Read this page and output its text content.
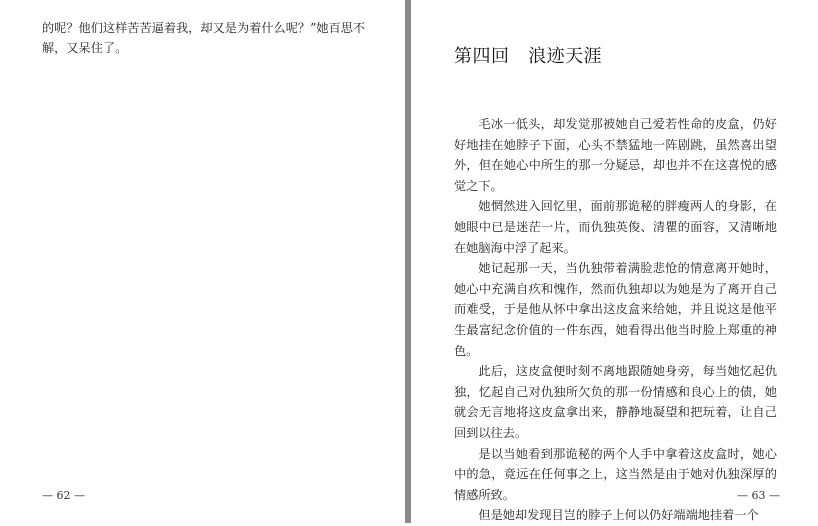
的呢？他们这样苦苦逼着我，却又是为着什么呢？”她百思不解，又呆住了。

— 62 —

第四回   浪迹天涯

毛冰一低头，却发觉那被她自己爱若性命的皮盒，仍好好地挂在她脖子下面，心头不禁猛地一阵剧跳，虽然喜出望外，但在她心中所生的那一分疑忌，却也并不在这喜悦的感觉之下。

她惘然进入回忆里，面前那诡秘的胖瘦两人的身影，在她眼中已是迷茫一片，而仇独英俊、清瞿的面容，又清晰地在她脑海中浮了起来。

她记起那一天，当仇独带着满脸悲怆的情意离开她时，她心中充满自疚和愧作，然而仇独却以为她是为了离开自己而难受，于是他从怀中拿出这皮盒来给她，并且说这是他平生最富纪念价值的一件东西，她看得出他当时脸上郑重的神色。

此后，这皮盒便时刻不离地跟随她身旁，每当她忆起仇独，忆起自己对仇独所欠负的那一份情感和良心上的债，她就会无言地将这皮盒拿出来，静静地凝望和把玩着，让自己回到以往去。

是以当她看到那诡秘的两个人手中拿着这皮盒时，她心中的急，竟远在任何事之上，这当然是由于她对仇独深厚的情感所致。

但是她却发现目岂的脖子上何以仍好端端地挂着一个

— 63 —
